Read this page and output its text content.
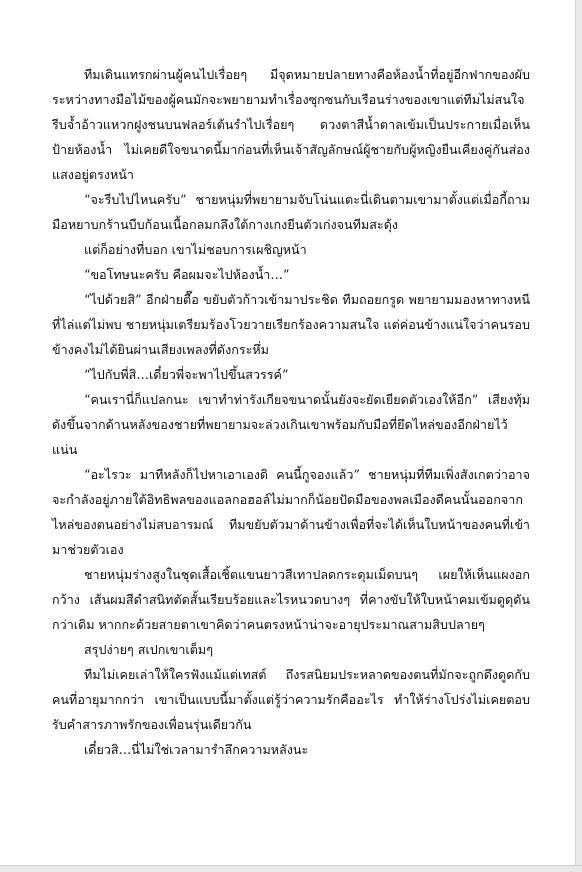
ทีมเดินแทรกผ่านผู้คนไปเรื่อยๆ มีจุดหมายปลายทางคือห้องน้ำที่อยู่อีกฟากของผับ ระหว่างทางมือไม้ของผู้คนมักจะพยายามทำเรื่องซุกซนกับเรือนร่างของเขาแต่ทีมไม่สนใจ รีบจ้ำอ้าวแหวกฝูงชนบนฟลอร์เต้นรำไปเรื่อยๆ ดวงตาสีน้ำตาลเข้มเป็นประกายเมื่อเห็นป้ายห้องน้ำ ไม่เคยดีใจขนาดนี้มาก่อนที่เห็นเจ้าสัญลักษณ์ผู้ชายกับผู้หญิงยืนเคียงคู่กันส่องแสงอยู่ตรงหน้า

“จะรีบไปไหนครับ” ชายหนุ่มที่พยายามจับโน่นแตะนี่เดินตามเขามาตั้งแต่เมื่อกี้ถาม มือหยาบกร้านบีบก้อนเนื้อกลมกลึงใต้กางเกงยีนตัวเก่งจนทีมสะดุ้ง

แต่ก็อย่างที่บอก เขาไม่ชอบการเผชิญหน้า

“ขอโทษนะครับ คือผมจะไปห้องน้ำ…”

“ไปด้วยสิ” อีกฝ่ายตื๊อ ขยับตัวก้าวเข้ามาประชิด ทีมถอยกรูด พยายามมองหาทางหนีที่ไล่แต่ไม่พบ ชายหนุ่มเตรียมร้องโวยวายเรียกร้องความสนใจ แต่ค่อนข้างแน่ใจว่าคนรอบข้างคงไม่ได้ยินผ่านเสียงเพลงที่ดังกระหึ่ม

“ไปกับพี่สิ…เดี๋ยวพี่จะพาไปขึ้นสวรรค์”

“คนเรานี่ก็แปลกนะ เขาทำท่ารังเกียจขนาดนั้นยังจะยัดเยียดตัวเองให้อีก” เสียงทุ้มดังขึ้นจากด้านหลังของชายที่พยายามจะล่วงเกินเขาพร้อมกับมือที่ยึดไหล่ของอีกฝ่ายไว้แน่น

“อะไรวะ มาทีหลังก็ไปหาเอาเองดิ คนนี้กูจองแล้ว” ชายหนุ่มที่ทีมเพิ่งสังเกตว่าอาจจะกำลังอยู่ภายใต้อิทธิพลของแอลกอฮอล์ไม่มากก็น้อยปัดมือของพลเมืองดีคนนั้นออกจากไหล่ของตนอย่างไม่สบอารมณ์ ทีมขยับตัวมาด้านข้างเพื่อที่จะได้เห็นใบหน้าของคนที่เข้ามาช่วยตัวเอง

ชายหนุ่มร่างสูงในชุดเสื้อเชิ้ตแขนยาวสีเทาปลดกระดุมเม็ดบนๆ เผยให้เห็นแผงอกกว้าง เส้นผมสีดำสนิทตัดสั้นเรียบร้อยและไรหนวดบางๆ ที่คางขับให้ใบหน้าคมเข้มดูดุดันกว่าเดิม หากกะด้วยสายตาเขาคิดว่าคนตรงหน้าน่าจะอายุประมาณสามสิบปลายๆ

สรุปง่ายๆ สเปกเขาเต็มๆ

ทีมไม่เคยเล่าให้ใครฟังแม้แต่เทสต์ ถึงรสนิยมประหลาดของตนที่มักจะถูกดึงดูดกับคนที่อายุมากกว่า เขาเป็นแบบนี้มาตั้งแต่รู้ว่าความรักคืออะไร ทำให้ร่างโปร่งไม่เคยตอบรับคำสารภาพรักของเพื่อนรุ่นเดียวกัน

เดี๋ยวสิ…นี่ไม่ใช่เวลามารำลึกความหลังนะ
